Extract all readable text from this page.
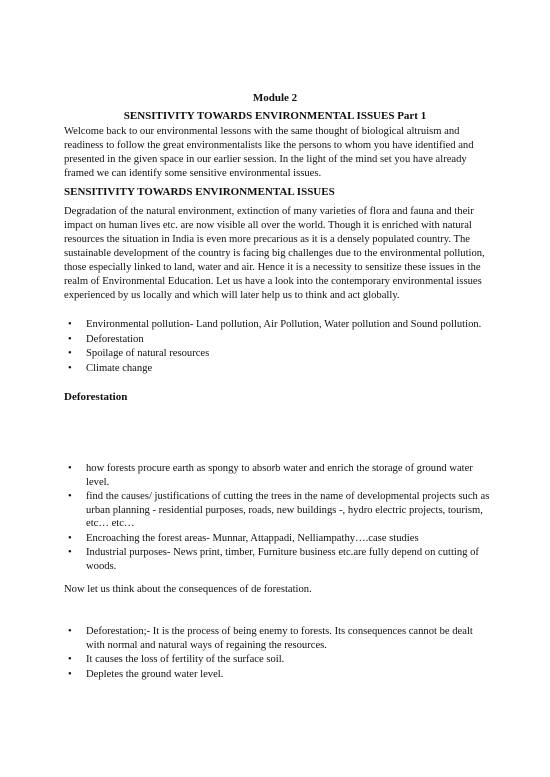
Module 2
SENSITIVITY TOWARDS ENVIRONMENTAL ISSUES Part 1

Welcome back to our environmental lessons with the same thought of biological altruism and readiness to follow the great environmentalists like the persons to whom you have identified and presented in the given space in our earlier session. In the light of the mind set you have already framed we can identify some sensitive environmental issues.

SENSITIVITY TOWARDS ENVIRONMENTAL ISSUES

Degradation of the natural environment, extinction of many varieties of flora and fauna and their impact on human lives etc. are now visible all over the world. Though it is enriched with natural resources the situation in India is even more precarious as it is a densely populated country. The sustainable development of the country is facing big challenges due to the environmental pollution, those especially linked to land, water and air. Hence it is a necessity to sensitize these issues in the realm of Environmental Education. Let us have a look into the contemporary environmental issues experienced by us locally and which will later help us to think and act globally.

• Environmental pollution- Land pollution, Air Pollution, Water pollution and Sound pollution.
• Deforestation
• Spoilage of natural resources
• Climate change
Deforestation
• how forests procure earth as spongy to absorb water and enrich the storage of ground water level.
• find the causes/ justifications of cutting the trees in the name of developmental projects such as urban planning - residential purposes, roads, new buildings -, hydro electric projects, tourism, etc… etc…
• Encroaching the forest areas- Munnar, Attappadi, Nelliampathy….case studies
• Industrial purposes- News print, timber, Furniture business etc.are fully depend on cutting of woods.

Now let us think about the consequences of de forestation.

• Deforestation;- It is the process of being enemy to forests. Its consequences cannot be dealt with normal and natural ways of regaining the resources.
• It causes the loss of fertility of the surface soil.
• Depletes the ground water level.
